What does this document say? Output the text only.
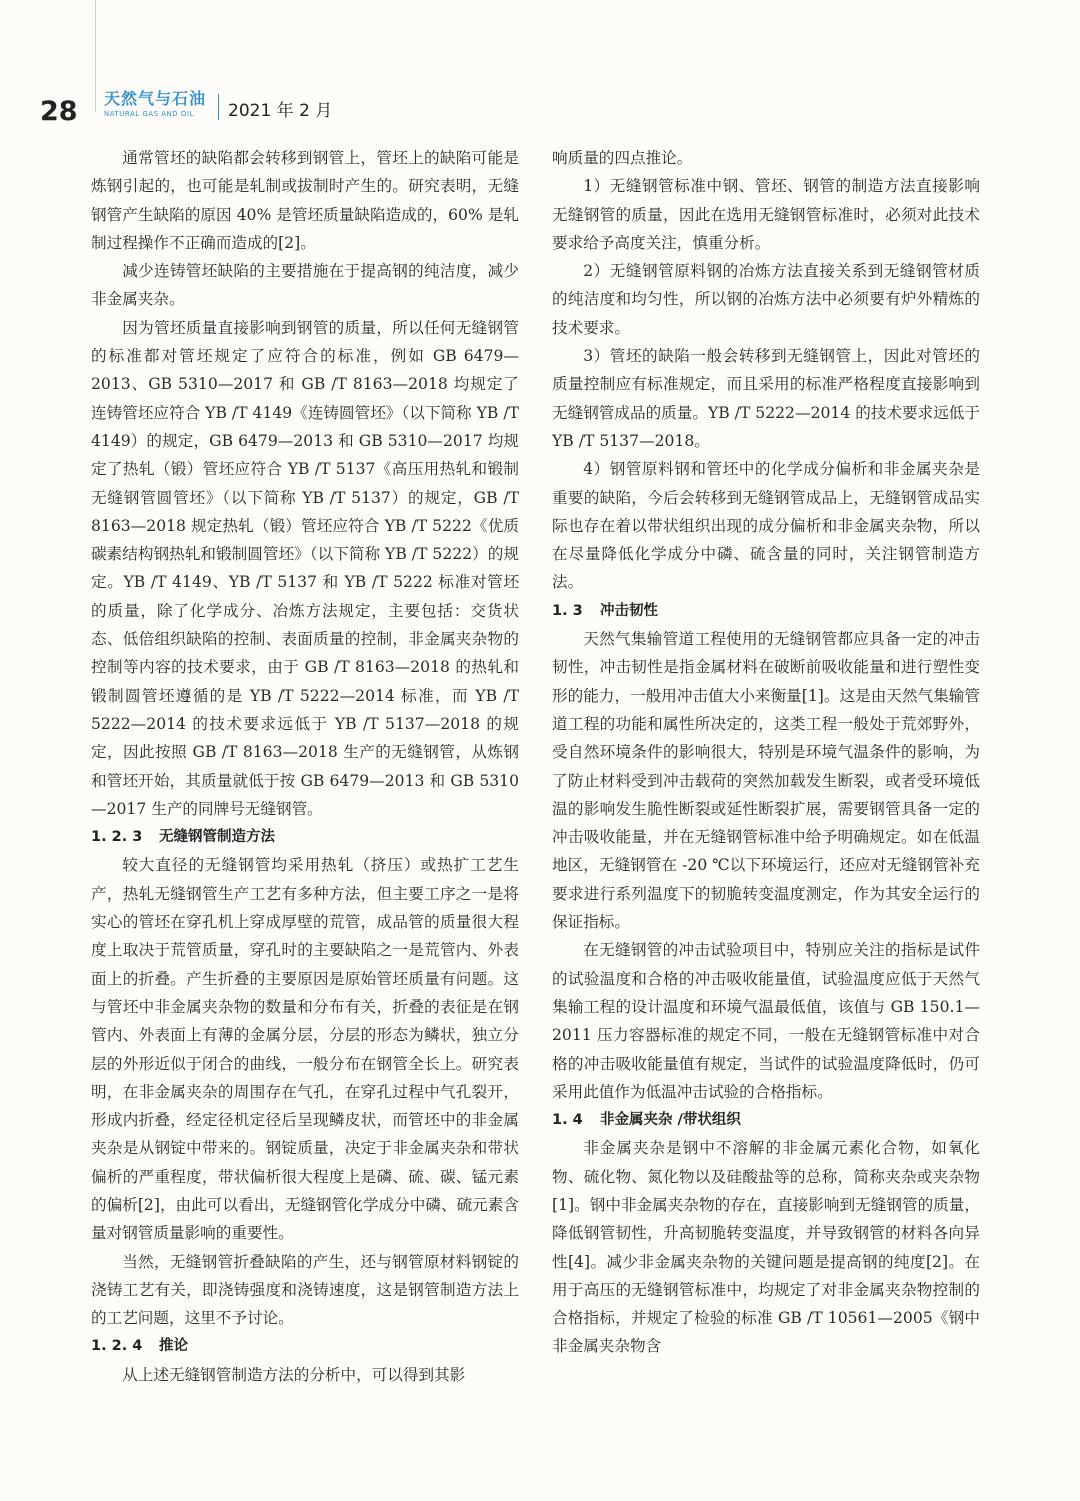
28 天然气与石油
NATURAL GAS AND OIL	2021 年 2 月

通常管坯的缺陷都会转移到钢管上，管坯上的缺陷可能是炼钢引起的，也可能是轧制或拔制时产生的。研究表明，无缝钢管产生缺陷的原因 40% 是管坯质量缺陷造成的，60% 是轧制过程操作不正确而造成的[2]。

减少连铸管坯缺陷的主要措施在于提高钢的纯洁度，减少非金属夹杂。

因为管坯质量直接影响到钢管的质量，所以任何无缝钢管的标准都对管坯规定了应符合的标准，例如 GB 6479—2013、GB 5310—2017 和 GB /T 8163—2018 均规定了连铸管坯应符合 YB /T 4149《连铸圆管坯》（以下简称 YB /T 4149）的规定，GB 6479—2013 和 GB 5310—2017 均规定了热轧（锻）管坯应符合 YB /T 5137《高压用热轧和锻制无缝钢管圆管坯》（以下简称 YB /T 5137）的规定，GB /T 8163—2018 规定热轧（锻）管坯应符合 YB /T 5222《优质碳素结构钢热轧和锻制圆管坯》（以下简称 YB /T 5222）的规定。YB /T 4149、YB /T 5137 和 YB /T 5222 标准对管坯的质量，除了化学成分、冶炼方法规定，主要包括：交货状态、低倍组织缺陷的控制、表面质量的控制，非金属夹杂物的控制等内容的技术要求，由于 GB /T 8163—2018 的热轧和锻制圆管坯遵循的是 YB /T 5222—2014 标准，而 YB /T 5222—2014 的技术要求远低于 YB /T 5137—2018 的规定，因此按照 GB /T 8163—2018 生产的无缝钢管，从炼钢和管坯开始，其质量就低于按 GB 6479—2013 和 GB 5310—2017 生产的同牌号无缝钢管。

1. 2. 3 无缝钢管制造方法

较大直径的无缝钢管均采用热轧（挤压）或热扩工艺生产，热轧无缝钢管生产工艺有多种方法，但主要工序之一是将实心的管坯在穿孔机上穿成厚壁的荒管，成品管的质量很大程度上取决于荒管质量，穿孔时的主要缺陷之一是荒管内、外表面上的折叠。产生折叠的主要原因是原始管坯质量有问题。这与管坯中非金属夹杂物的数量和分布有关，折叠的表征是在钢管内、外表面上有薄的金属分层，分层的形态为鳞状，独立分层的外形近似于闭合的曲线，一般分布在钢管全长上。研究表明，在非金属夹杂的周围存在气孔，在穿孔过程中气孔裂开，形成内折叠，经定径机定径后呈现鳞皮状，而管坯中的非金属夹杂是从钢锭中带来的。钢锭质量，决定于非金属夹杂和带状偏析的严重程度，带状偏析很大程度上是磷、硫、碳、锰元素的偏析[2]，由此可以看出，无缝钢管化学成分中磷、硫元素含量对钢管质量影响的重要性。

当然，无缝钢管折叠缺陷的产生，还与钢管原材料钢锭的浇铸工艺有关，即浇铸强度和浇铸速度，这是钢管制造方法上的工艺问题，这里不予讨论。

1. 2. 4 推论

从上述无缝钢管制造方法的分析中，可以得到其影

响质量的四点推论。

1）无缝钢管标准中钢、管坯、钢管的制造方法直接影响无缝钢管的质量，因此在选用无缝钢管标准时，必须对此技术要求给予高度关注，慎重分析。

2）无缝钢管原料钢的冶炼方法直接关系到无缝钢管材质的纯洁度和均匀性，所以钢的冶炼方法中必须要有炉外精炼的技术要求。

3）管坯的缺陷一般会转移到无缝钢管上，因此对管坯的质量控制应有标准规定，而且采用的标准严格程度直接影响到无缝钢管成品的质量。YB /T 5222—2014 的技术要求远低于 YB /T 5137—2018。

4）钢管原料钢和管坯中的化学成分偏析和非金属夹杂是重要的缺陷，今后会转移到无缝钢管成品上，无缝钢管成品实际也存在着以带状组织出现的成分偏析和非金属夹杂物，所以在尽量降低化学成分中磷、硫含量的同时，关注钢管制造方法。

1. 3 冲击韧性

天然气集输管道工程使用的无缝钢管都应具备一定的冲击韧性，冲击韧性是指金属材料在破断前吸收能量和进行塑性变形的能力，一般用冲击值大小来衡量[1]。这是由天然气集输管道工程的功能和属性所决定的，这类工程一般处于荒郊野外，受自然环境条件的影响很大，特别是环境气温条件的影响，为了防止材料受到冲击载荷的突然加载发生断裂，或者受环境低温的影响发生脆性断裂或延性断裂扩展，需要钢管具备一定的冲击吸收能量，并在无缝钢管标准中给予明确规定。如在低温地区，无缝钢管在 -20 ℃以下环境运行，还应对无缝钢管补充要求进行系列温度下的韧脆转变温度测定，作为其安全运行的保证指标。

在无缝钢管的冲击试验项目中，特别应关注的指标是试件的试验温度和合格的冲击吸收能量值，试验温度应低于天然气集输工程的设计温度和环境气温最低值，该值与 GB 150.1—2011 压力容器标准的规定不同，一般在无缝钢管标准中对合格的冲击吸收能量值有规定，当试件的试验温度降低时，仍可采用此值作为低温冲击试验的合格指标。

1. 4 非金属夹杂 /带状组织

非金属夹杂是钢中不溶解的非金属元素化合物，如氧化物、硫化物、氮化物以及硅酸盐等的总称，简称夹杂或夹杂物[1]。钢中非金属夹杂物的存在，直接影响到无缝钢管的质量，降低钢管韧性，升高韧脆转变温度，并导致钢管的材料各向异性[4]。减少非金属夹杂物的关键问题是提高钢的纯度[2]。在用于高压的无缝钢管标准中，均规定了对非金属夹杂物控制的合格指标，并规定了检验的标准 GB /T 10561—2005《钢中非金属夹杂物含
